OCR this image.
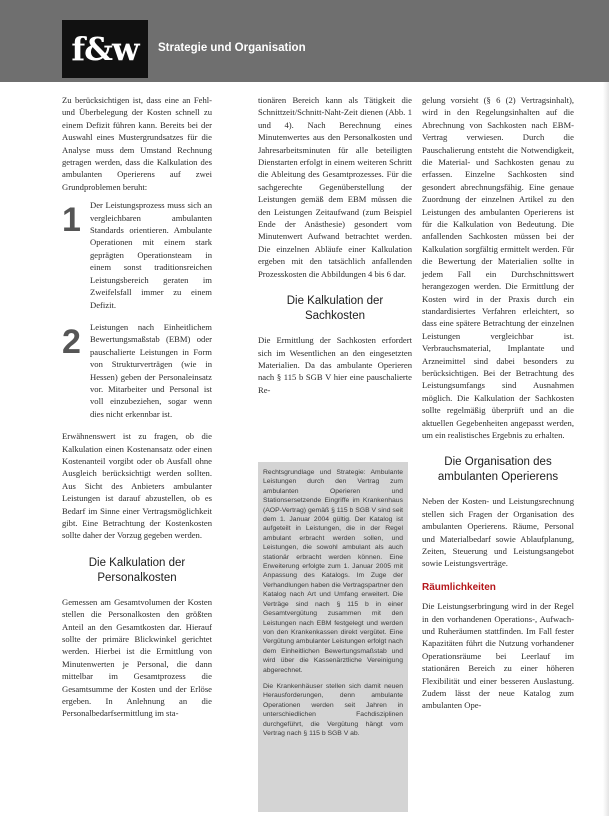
f&w	Strategie und Organisation

Zu berücksichtigen ist, dass eine an Fehl- und Überbelegung der Kosten schnell zu einem Defizit führen kann. Bereits bei der Auswahl eines Mustergrundsatzes für die Analyse muss dem Umstand Rechnung getragen werden, dass die Kalkulation des ambulanten Operierens auf zwei Grundproblemen beruht:

1	Der Leistungsprozess muss sich an vergleichbaren ambulanten Standards orientieren. Ambulante Operationen mit einem stark geprägten Operationsteam in einem sonst traditionsreichen Leistungsbereich geraten im Zweifelsfall immer zu einem Defizit.
2	Leistungen nach Einheitlichem Bewertungsmaßstab (EBM) oder pauschalierte Leistungen in Form von Strukturverträgen (wie in Hessen) geben der Personaleinsatz vor. Mitarbeiter und Personal ist voll einzubeziehen, sogar wenn dies nicht erkennbar ist.

Erwähnenswert ist zu fragen, ob die Kalkulation einen Kostenansatz oder einen Kostenanteil vorgibt oder ob Ausfall ohne Ausgleich berücksichtigt werden sollten. Aus Sicht des Anbieters ambulanter Leistungen ist darauf abzustellen, ob es Bedarf im Sinne einer Vertragsmöglichkeit gibt. Eine Betrachtung der Kostenkosten sollte daher der Vorzug gegeben werden.

Die Kalkulation der Personalkosten

Gemessen am Gesamtvolumen der Kosten stellen die Personalkosten den größten Anteil an den Gesamtkosten dar. Hierauf sollte der primäre Blickwinkel gerichtet werden. Hierbei ist die Ermittlung von Minutenwerten je Personal, die dann mittelbar im Gesamtprozess die Gesamtsumme der Kosten und der Erlöse ergeben. In Anlehnung an die Personalbedarfsermittlung im sta-

tionären Bereich kann als Tätigkeit die Schnittzeit/Schnitt-Naht-Zeit dienen (Abb. 1 und 4). Nach Berechnung eines Minutenwertes aus den Personalkosten und Jahresarbeitsminuten für alle beteiligten Dienstarten erfolgt in einem weiteren Schritt die Ableitung des Gesamtprozesses. Für die sachgerechte Gegenüberstellung der Leistungen gemäß dem EBM müssen die den Leistungen Zeitaufwand (zum Beispiel Ende der Anästhesie) gesondert vom Minutenwert Aufwand betrachtet werden. Die einzelnen Abläufe einer Kalkulation ergeben mit den tatsächlich anfallenden Prozesskosten die Abbildungen 4 bis 6 dar.

Die Kalkulation der Sachkosten

Die Ermittlung der Sachkosten erfordert sich im Wesentlichen an den eingesetzten Materialien. Da das ambulante Operieren nach § 115 b SGB V hier eine pauschalierte Re-

Rechtsgrundlage und Strategie: Ambulante Leistungen durch den Vertrag zum ambulanten Operieren und Stationsersetzende Eingriffe im Krankenhaus (AOP-Vertrag) gemäß § 115 b SGB V sind seit dem 1. Januar 2004 gültig. Der Katalog ist aufgeteilt in Leistungen, die in der Regel ambulant erbracht werden sollen, und Leistungen, die sowohl ambulant als auch stationär erbracht werden können. Eine Erweiterung erfolgte zum 1. Januar 2005 mit Anpassung des Katalogs. Im Zuge der Verhandlungen haben die Vertragspartner den Katalog nach Art und Umfang erweitert. Die Verträge sind nach § 115 b in einer Gesamtvergütung zusammen mit den Leistungen nach EBM festgelegt und werden von den Krankenkassen direkt vergütet. Eine Vergütung ambulanter Leistungen erfolgt nach dem Einheitlichen Bewertungsmaßstab und wird über die Kassenärztliche Vereinigung abgerechnet.

Die Krankenhäuser stellen sich damit neuen Herausforderungen, denn ambulante Operationen werden seit Jahren in unterschiedlichen Fachdisziplinen durchgeführt, die Vergütung hängt vom Vertrag nach § 115 b SGB V ab.

gelung vorsieht (§ 6 (2) Vertragsinhalt), wird in den Regelungsinhalten auf die Abrechnung von Sachkosten nach EBM-Vertrag verwiesen. Durch die Pauschalierung entsteht die Notwendigkeit, die Material- und Sachkosten genau zu erfassen. Einzelne Sachkosten sind gesondert abrechnungsfähig. Eine genaue Zuordnung der einzelnen Artikel zu den Leistungen des ambulanten Operierens ist für die Kalkulation von Bedeutung. Die anfallenden Sachkosten müssen bei der Kalkulation sorgfältig ermittelt werden. Für die Bewertung der Materialien sollte in jedem Fall ein Durchschnittswert herangezogen werden. Die Ermittlung der Kosten wird in der Praxis durch ein standardisiertes Verfahren erleichtert, so dass eine spätere Betrachtung der einzelnen Leistungen vergleichbar ist. Verbrauchsmaterial, Implantate und Arzneimittel sind dabei besonders zu berücksichtigen. Bei der Betrachtung des Leistungsumfangs sind Ausnahmen möglich. Die Kalkulation der Sachkosten sollte regelmäßig überprüft und an die aktuellen Gegebenheiten angepasst werden, um ein realistisches Ergebnis zu erhalten.

Die Organisation des ambulanten Operierens

Neben der Kosten- und Leistungsrechnung stellen sich Fragen der Organisation des ambulanten Operierens. Räume, Personal und Materialbedarf sowie Ablaufplanung, Zeiten, Steuerung und Leistungsangebot sowie Leistungsverträge.

Räumlichkeiten

Die Leistungserbringung wird in der Regel in den vorhandenen Operations-, Aufwach- und Ruheräumen stattfinden. Im Fall fester Kapazitäten führt die Nutzung vorhandener Operationsräume bei Leerlauf im stationären Bereich zu einer höheren Flexibilität und einer besseren Auslastung. Zudem lässt der neue Katalog zum ambulanten Ope-
